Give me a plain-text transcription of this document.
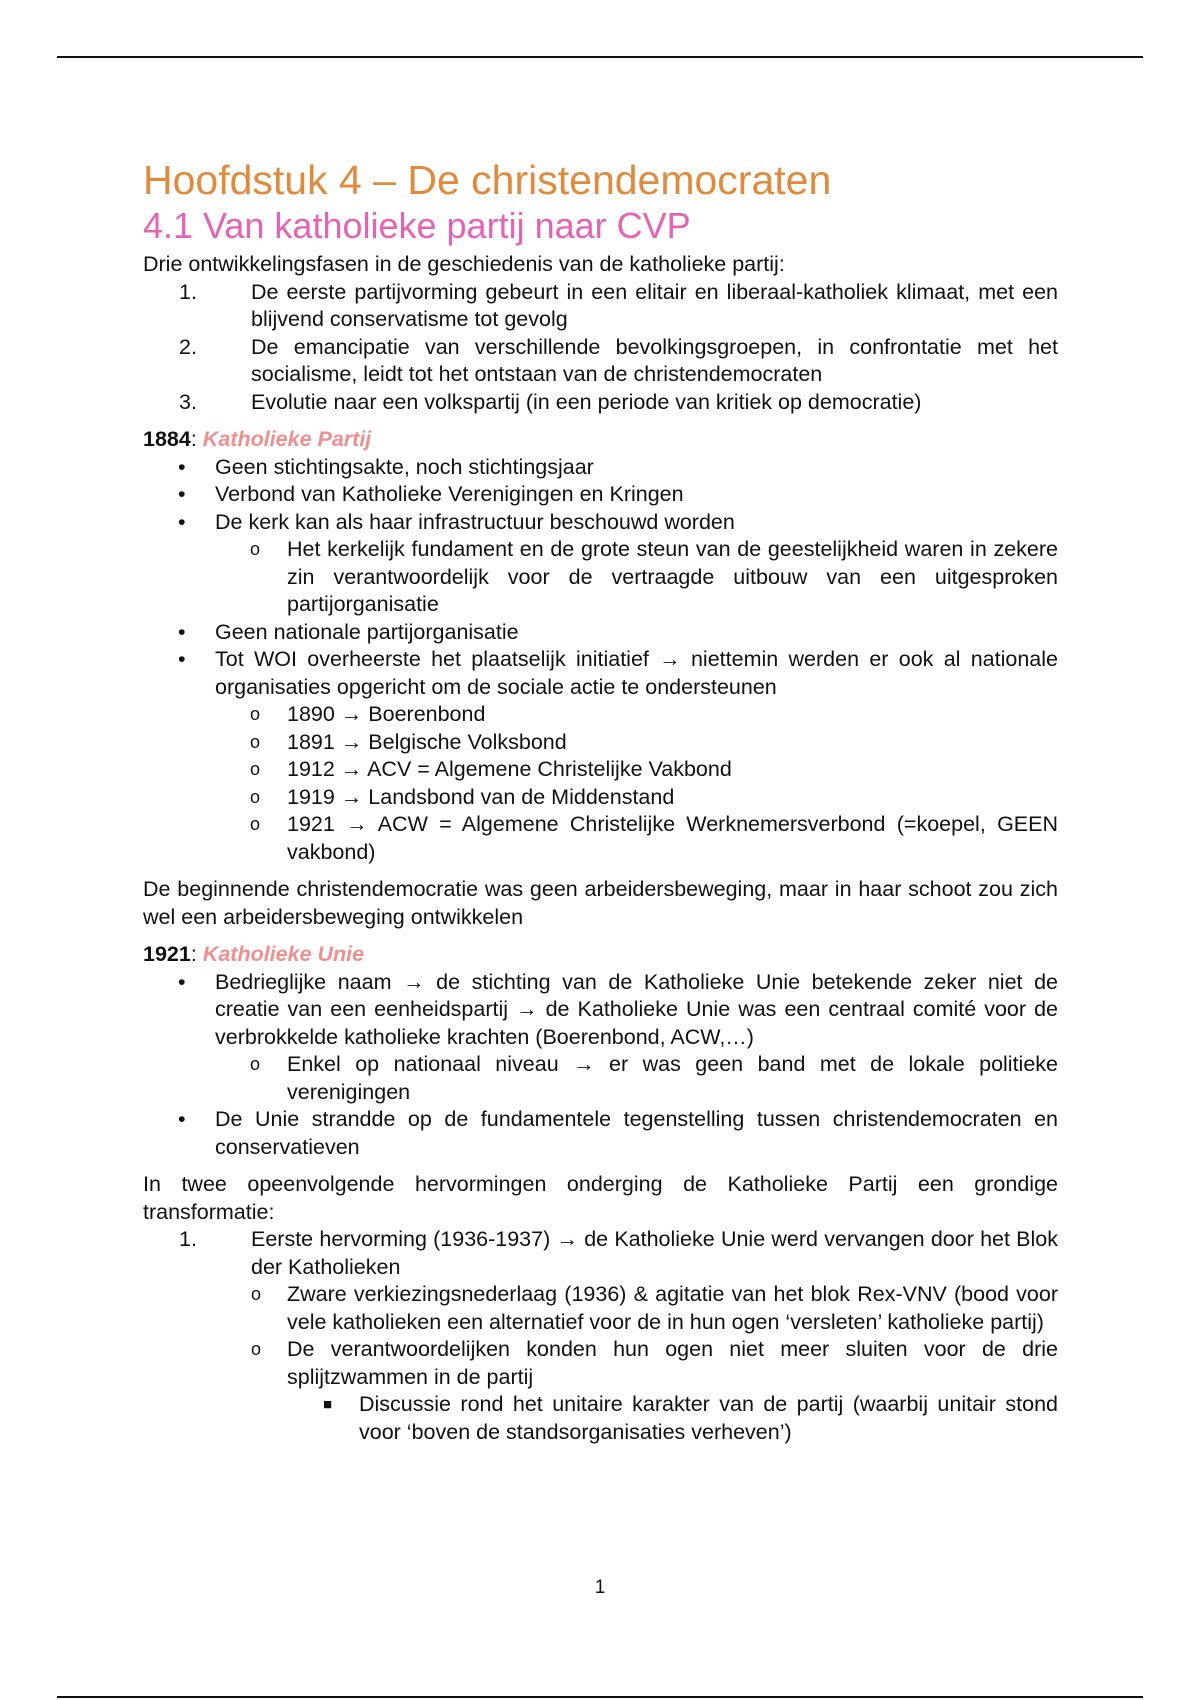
Hoofdstuk 4 – De christendemocraten
4.1 Van katholieke partij naar CVP

Drie ontwikkelingsfasen in de geschiedenis van de katholieke partij:

1.	De eerste partijvorming gebeurt in een elitair en liberaal-katholiek klimaat, met een blijvend conservatisme tot gevolg
2.	De emancipatie van verschillende bevolkingsgroepen, in confrontatie met het socialisme, leidt tot het ontstaan van de christendemocraten
3.	Evolutie naar een volkspartij (in een periode van kritiek op democratie)

1884: Katholieke Partij

• Geen stichtingsakte, noch stichtingsjaar
• Verbond van Katholieke Verenigingen en Kringen
• De kerk kan als haar infrastructuur beschouwd worden
o Het kerkelijk fundament en de grote steun van de geestelijkheid waren in zekere zin verantwoordelijk voor de vertraagde uitbouw van een uitgesproken partijorganisatie
• Geen nationale partijorganisatie
• Tot WOI overheerste het plaatselijk initiatief → niettemin werden er ook al nationale organisaties opgericht om de sociale actie te ondersteunen
o 1890 → Boerenbond
o 1891 → Belgische Volksbond
o 1912 → ACV = Algemene Christelijke Vakbond
o 1919 → Landsbond van de Middenstand
o 1921 → ACW = Algemene Christelijke Werknemersverbond (=koepel, GEEN vakbond)

De beginnende christendemocratie was geen arbeidersbeweging, maar in haar schoot zou zich wel een arbeidersbeweging ontwikkelen

1921: Katholieke Unie

• Bedrieglijke naam → de stichting van de Katholieke Unie betekende zeker niet de creatie van een eenheidspartij → de Katholieke Unie was een centraal comité voor de verbrokkelde katholieke krachten (Boerenbond, ACW,…)
o Enkel op nationaal niveau → er was geen band met de lokale politieke verenigingen
• De Unie strandde op de fundamentele tegenstelling tussen christendemocraten en conservatieven

In twee opeenvolgende hervormingen onderging de Katholieke Partij een grondige transformatie:

1.	Eerste hervorming (1936-1937) → de Katholieke Unie werd vervangen door het Blok der Katholieken
o Zware verkiezingsnederlaag (1936) & agitatie van het blok Rex-VNV (bood voor vele katholieken een alternatief voor de in hun ogen ‘versleten’ katholieke partij)
o De verantwoordelijken konden hun ogen niet meer sluiten voor de drie splijtzwammen in de partij
■ Discussie rond het unitaire karakter van de partij (waarbij unitair stond voor ‘boven de standsorganisaties verheven’)
1
